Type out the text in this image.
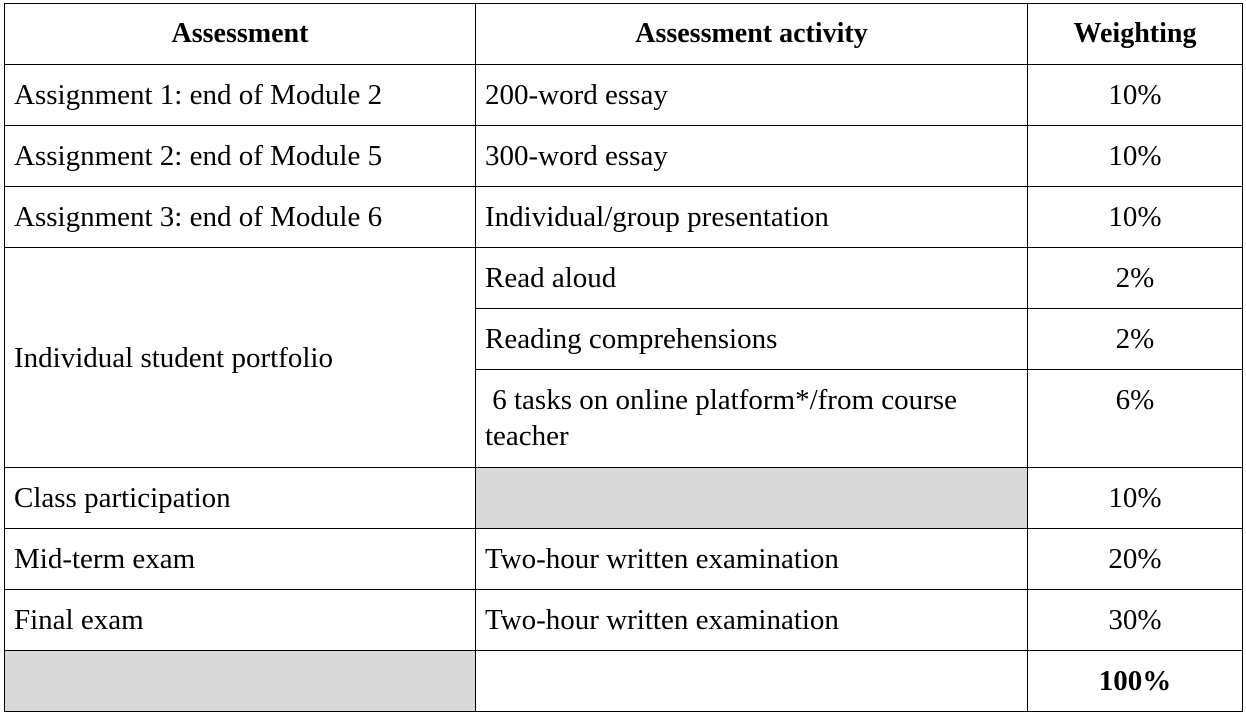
Assessment	Assessment activity	Weighting
Assignment 1: end of Module 2	200-word essay	10%
Assignment 2: end of Module 5	300-word essay	10%
Assignment 3: end of Module 6	Individual/group presentation	10%
Individual student portfolio	Read aloud	2%
	Reading comprehensions	2%
	6 tasks on online platform*/from course teacher	6%
Class participation		10%
Mid-term exam	Two-hour written examination	20%
Final exam	Two-hour written examination	30%
		100%
